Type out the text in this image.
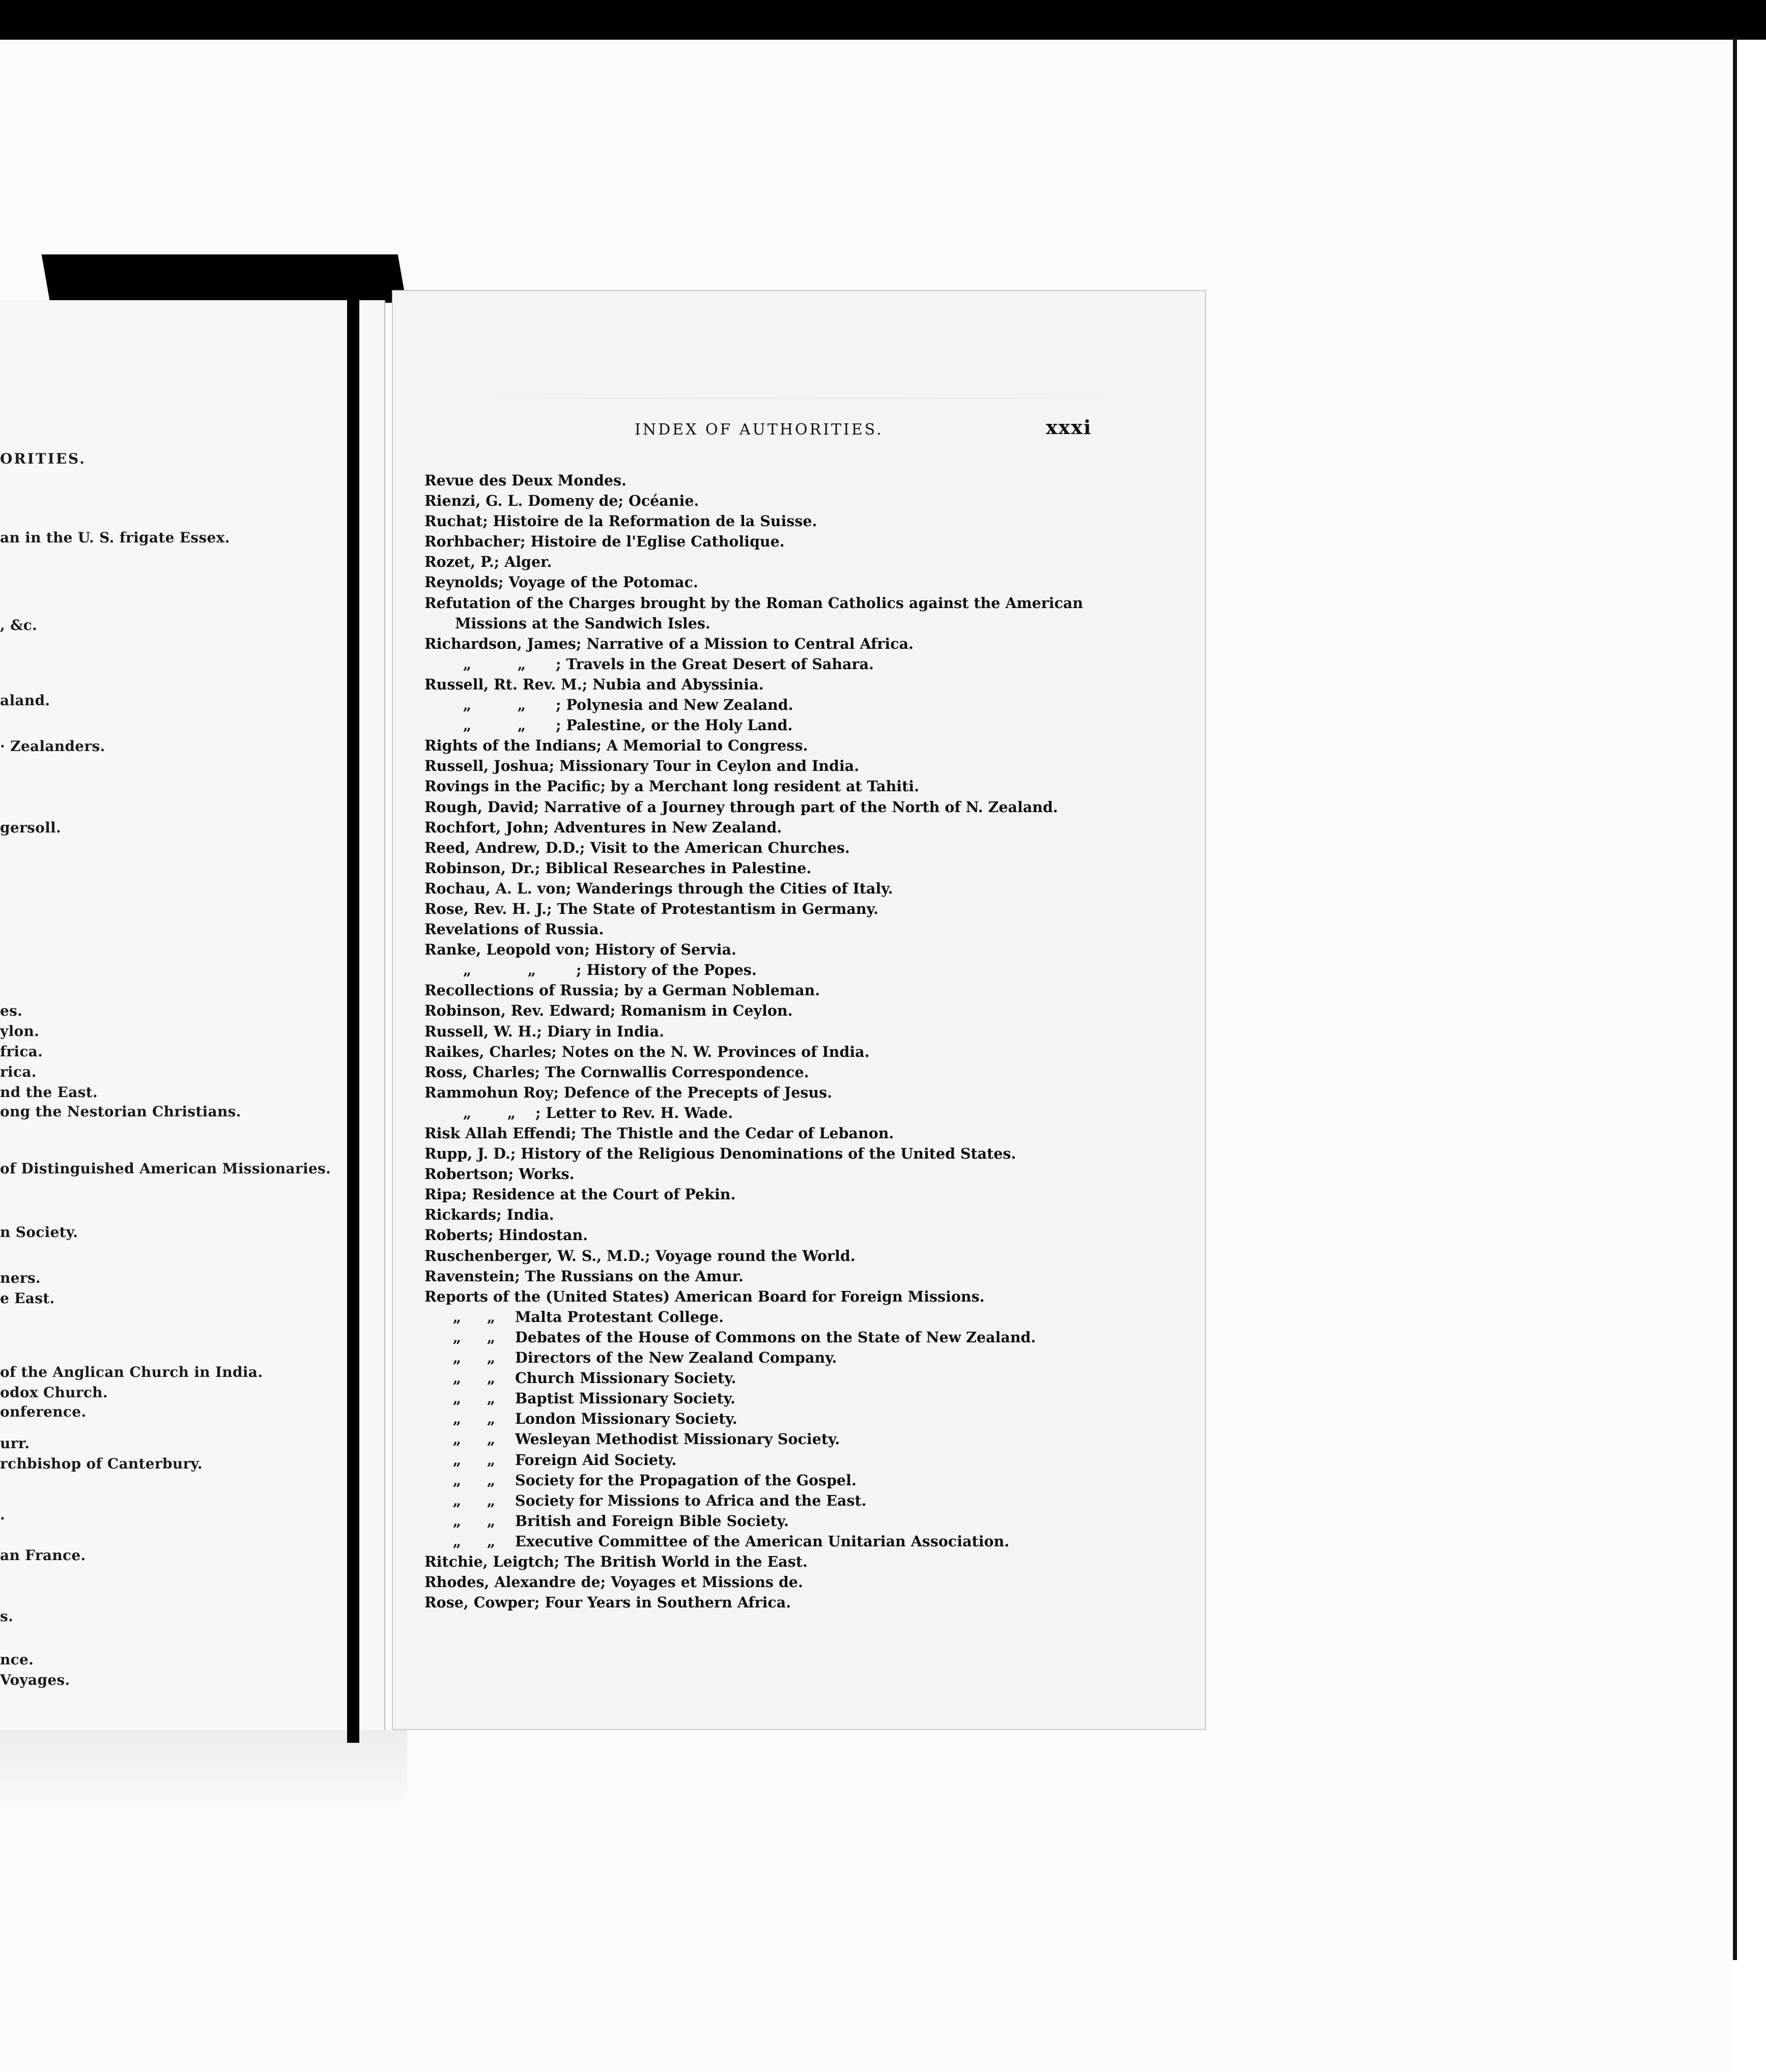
ORITIES.
an in the U. S. frigate Essex.
, &c.
aland.
· Zealanders.
gersoll.
es.
ylon.
frica.
rica.
nd the East.
ong the Nestorian Christians.
of Distinguished American Missionaries.
n Society.
ners.
e East.
of the Anglican Church in India.
odox Church.
onference.
urr.
rchbishop of Canterbury.
.
an France.
s.
nce.
Voyages.
INDEX OF AUTHORITIES.	xxxi
Revue des Deux Mondes.
Rienzi, G. L. Domeny de; Océanie.
Ruchat; Histoire de la Reformation de la Suisse.
Rorhbacher; Histoire de l'Eglise Catholique.
Rozet, P.; Alger.
Reynolds; Voyage of the Potomac.
Refutation of the Charges brought by the Roman Catholics against the American
Missions at the Sandwich Isles.
Richardson, James; Narrative of a Mission to Central Africa.
„	„ ; Travels in the Great Desert of Sahara.
Russell, Rt. Rev. M.; Nubia and Abyssinia.
„	„ ; Polynesia and New Zealand.
„	„ ; Palestine, or the Holy Land.
Rights of the Indians; A Memorial to Congress.
Russell, Joshua; Missionary Tour in Ceylon and India.
Rovings in the Pacific; by a Merchant long resident at Tahiti.
Rough, David; Narrative of a Journey through part of the North of N. Zealand.
Rochfort, John; Adventures in New Zealand.
Reed, Andrew, D.D.; Visit to the American Churches.
Robinson, Dr.; Biblical Researches in Palestine.
Rochau, A. L. von; Wanderings through the Cities of Italy.
Rose, Rev. H. J.; The State of Protestantism in Germany.
Revelations of Russia.
Ranke, Leopold von; History of Servia.
„	„	; History of the Popes.
Recollections of Russia; by a German Nobleman.
Robinson, Rev. Edward; Romanism in Ceylon.
Russell, W. H.; Diary in India.
Raikes, Charles; Notes on the N. W. Provinces of India.
Ross, Charles; The Cornwallis Correspondence.
Rammohun Roy; Defence of the Precepts of Jesus.
„ „ ; Letter to Rev. H. Wade.
Risk Allah Effendi; The Thistle and the Cedar of Lebanon.
Rupp, J. D.; History of the Religious Denominations of the United States.
Robertson; Works.
Ripa; Residence at the Court of Pekin.
Rickards; India.
Roberts; Hindostan.
Ruschenberger, W. S., M.D.; Voyage round the World.
Ravenstein; The Russians on the Amur.
Reports of the (United States) American Board for Foreign Missions.
„ „ Malta Protestant College.
„ „ Debates of the House of Commons on the State of New Zealand.
„ „ Directors of the New Zealand Company.
„ „ Church Missionary Society.
„ „ Baptist Missionary Society.
„ „ London Missionary Society.
„ „ Wesleyan Methodist Missionary Society.
„ „ Foreign Aid Society.
„ „ Society for the Propagation of the Gospel.
„ „ Society for Missions to Africa and the East.
„ „ British and Foreign Bible Society.
„ „ Executive Committee of the American Unitarian Association.
Ritchie, Leigtch; The British World in the East.
Rhodes, Alexandre de; Voyages et Missions de.
Rose, Cowper; Four Years in Southern Africa.
